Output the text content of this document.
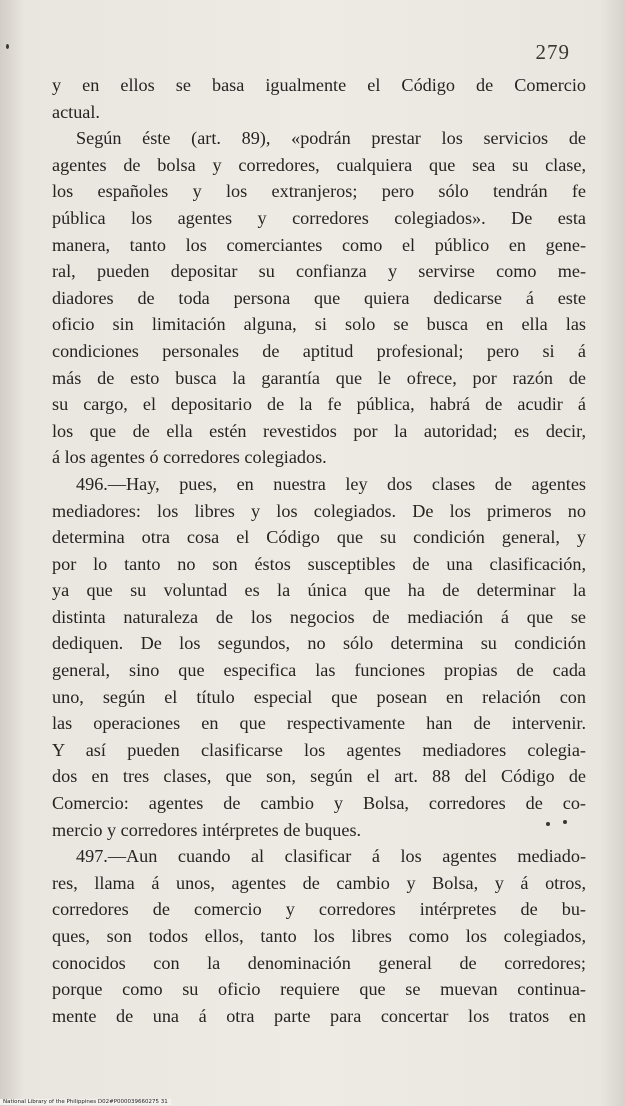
279
y en ellos se basa igualmente el Código de Comercio
actual.
Según éste (art. 89), «podrán prestar los servicios de
agentes de bolsa y corredores, cualquiera que sea su clase,
los españoles y los extranjeros; pero sólo tendrán fe
pública los agentes y corredores colegiados». De esta
manera, tanto los comerciantes como el público en gene-
ral, pueden depositar su confianza y servirse como me-
diadores de toda persona que quiera dedicarse á este
oficio sin limitación alguna, si solo se busca en ella las
condiciones personales de aptitud profesional; pero si á
más de esto busca la garantía que le ofrece, por razón de
su cargo, el depositario de la fe pública, habrá de acudir á
los que de ella estén revestidos por la autoridad; es decir,
á los agentes ó corredores colegiados.
496.—Hay, pues, en nuestra ley dos clases de agentes
mediadores: los libres y los colegiados. De los primeros no
determina otra cosa el Código que su condición general, y
por lo tanto no son éstos susceptibles de una clasificación,
ya que su voluntad es la única que ha de determinar la
distinta naturaleza de los negocios de mediación á que se
dediquen. De los segundos, no sólo determina su condición
general, sino que especifica las funciones propias de cada
uno, según el título especial que posean en relación con
las operaciones en que respectivamente han de intervenir.
Y así pueden clasificarse los agentes mediadores colegia-
dos en tres clases, que son, según el art. 88 del Código de
Comercio: agentes de cambio y Bolsa, corredores de co-
mercio y corredores intérpretes de buques.
497.—Aun cuando al clasificar á los agentes mediado-
res, llama á unos, agentes de cambio y Bolsa, y á otros,
corredores de comercio y corredores intérpretes de bu-
ques, son todos ellos, tanto los libres como los colegiados,
conocidos con la denominación general de corredores;
porque como su oficio requiere que se muevan continua-
mente de una á otra parte para concertar los tratos en
National Library of the Philippines D02#P000039660275 31
